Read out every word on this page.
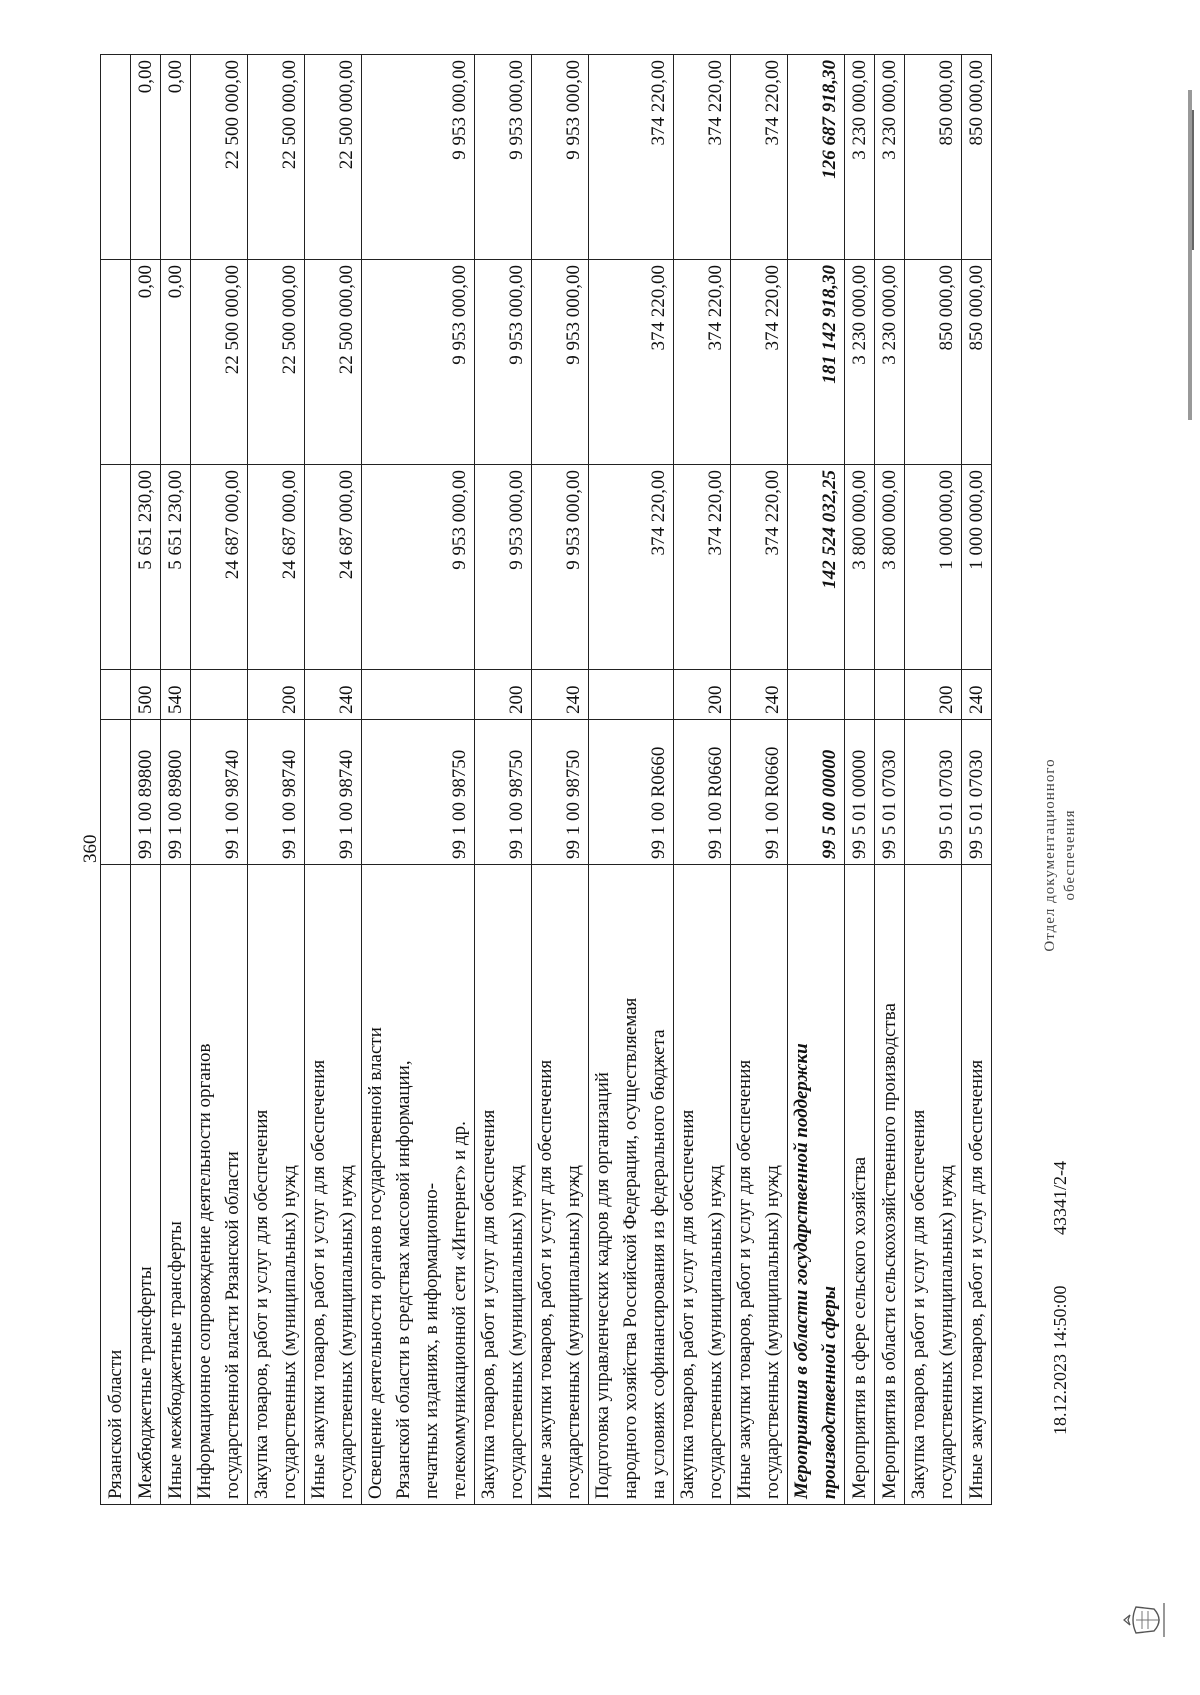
360
Рязанской области					
Межбюджетные трансферты	99 1 00 89800	500	5 651 230,00	0,00	0,00
Иные межбюджетные трансферты	99 1 00 89800	540	5 651 230,00	0,00	0,00
Информационное сопровождение деятельности органов
государственной власти Рязанской области	99 1 00 98740		24 687 000,00	22 500 000,00	22 500 000,00
Закупка товаров, работ и услуг для обеспечения
государственных (муниципальных) нужд	99 1 00 98740	200	24 687 000,00	22 500 000,00	22 500 000,00
Иные закупки товаров, работ и услуг для обеспечения
государственных (муниципальных) нужд	99 1 00 98740	240	24 687 000,00	22 500 000,00	22 500 000,00
Освещение деятельности органов государственной власти
Рязанской области в средствах массовой информации,
печатных изданиях, в информационно-
телекоммуникационной сети «Интернет» и др.	99 1 00 98750		9 953 000,00	9 953 000,00	9 953 000,00
Закупка товаров, работ и услуг для обеспечения
государственных (муниципальных) нужд	99 1 00 98750	200	9 953 000,00	9 953 000,00	9 953 000,00
Иные закупки товаров, работ и услуг для обеспечения
государственных (муниципальных) нужд	99 1 00 98750	240	9 953 000,00	9 953 000,00	9 953 000,00
Подготовка управленческих кадров для организаций
народного хозяйства Российской Федерации, осуществляемая
на условиях софинансирования из федерального бюджета	99 1 00 R0660		374 220,00	374 220,00	374 220,00
Закупка товаров, работ и услуг для обеспечения
государственных (муниципальных) нужд	99 1 00 R0660	200	374 220,00	374 220,00	374 220,00
Иные закупки товаров, работ и услуг для обеспечения
государственных (муниципальных) нужд	99 1 00 R0660	240	374 220,00	374 220,00	374 220,00
Мероприятия в области государственной поддержки
производственной сферы	99 5 00 00000		142 524 032,25	181 142 918,30	126 687 918,30
Мероприятия в сфере сельского хозяйства	99 5 01 00000		3 800 000,00	3 230 000,00	3 230 000,00
Мероприятия в области сельскохозяйственного производства	99 5 01 07030		3 800 000,00	3 230 000,00	3 230 000,00
Закупка товаров, работ и услуг для обеспечения
государственных (муниципальных) нужд	99 5 01 07030	200	1 000 000,00	850 000,00	850 000,00
Иные закупки товаров, работ и услуг для обеспечения	99 5 01 07030	240	1 000 000,00	850 000,00	850 000,00
18.12.2023 14:50:00
43341/2-4
Отдел документационного обеспечения
